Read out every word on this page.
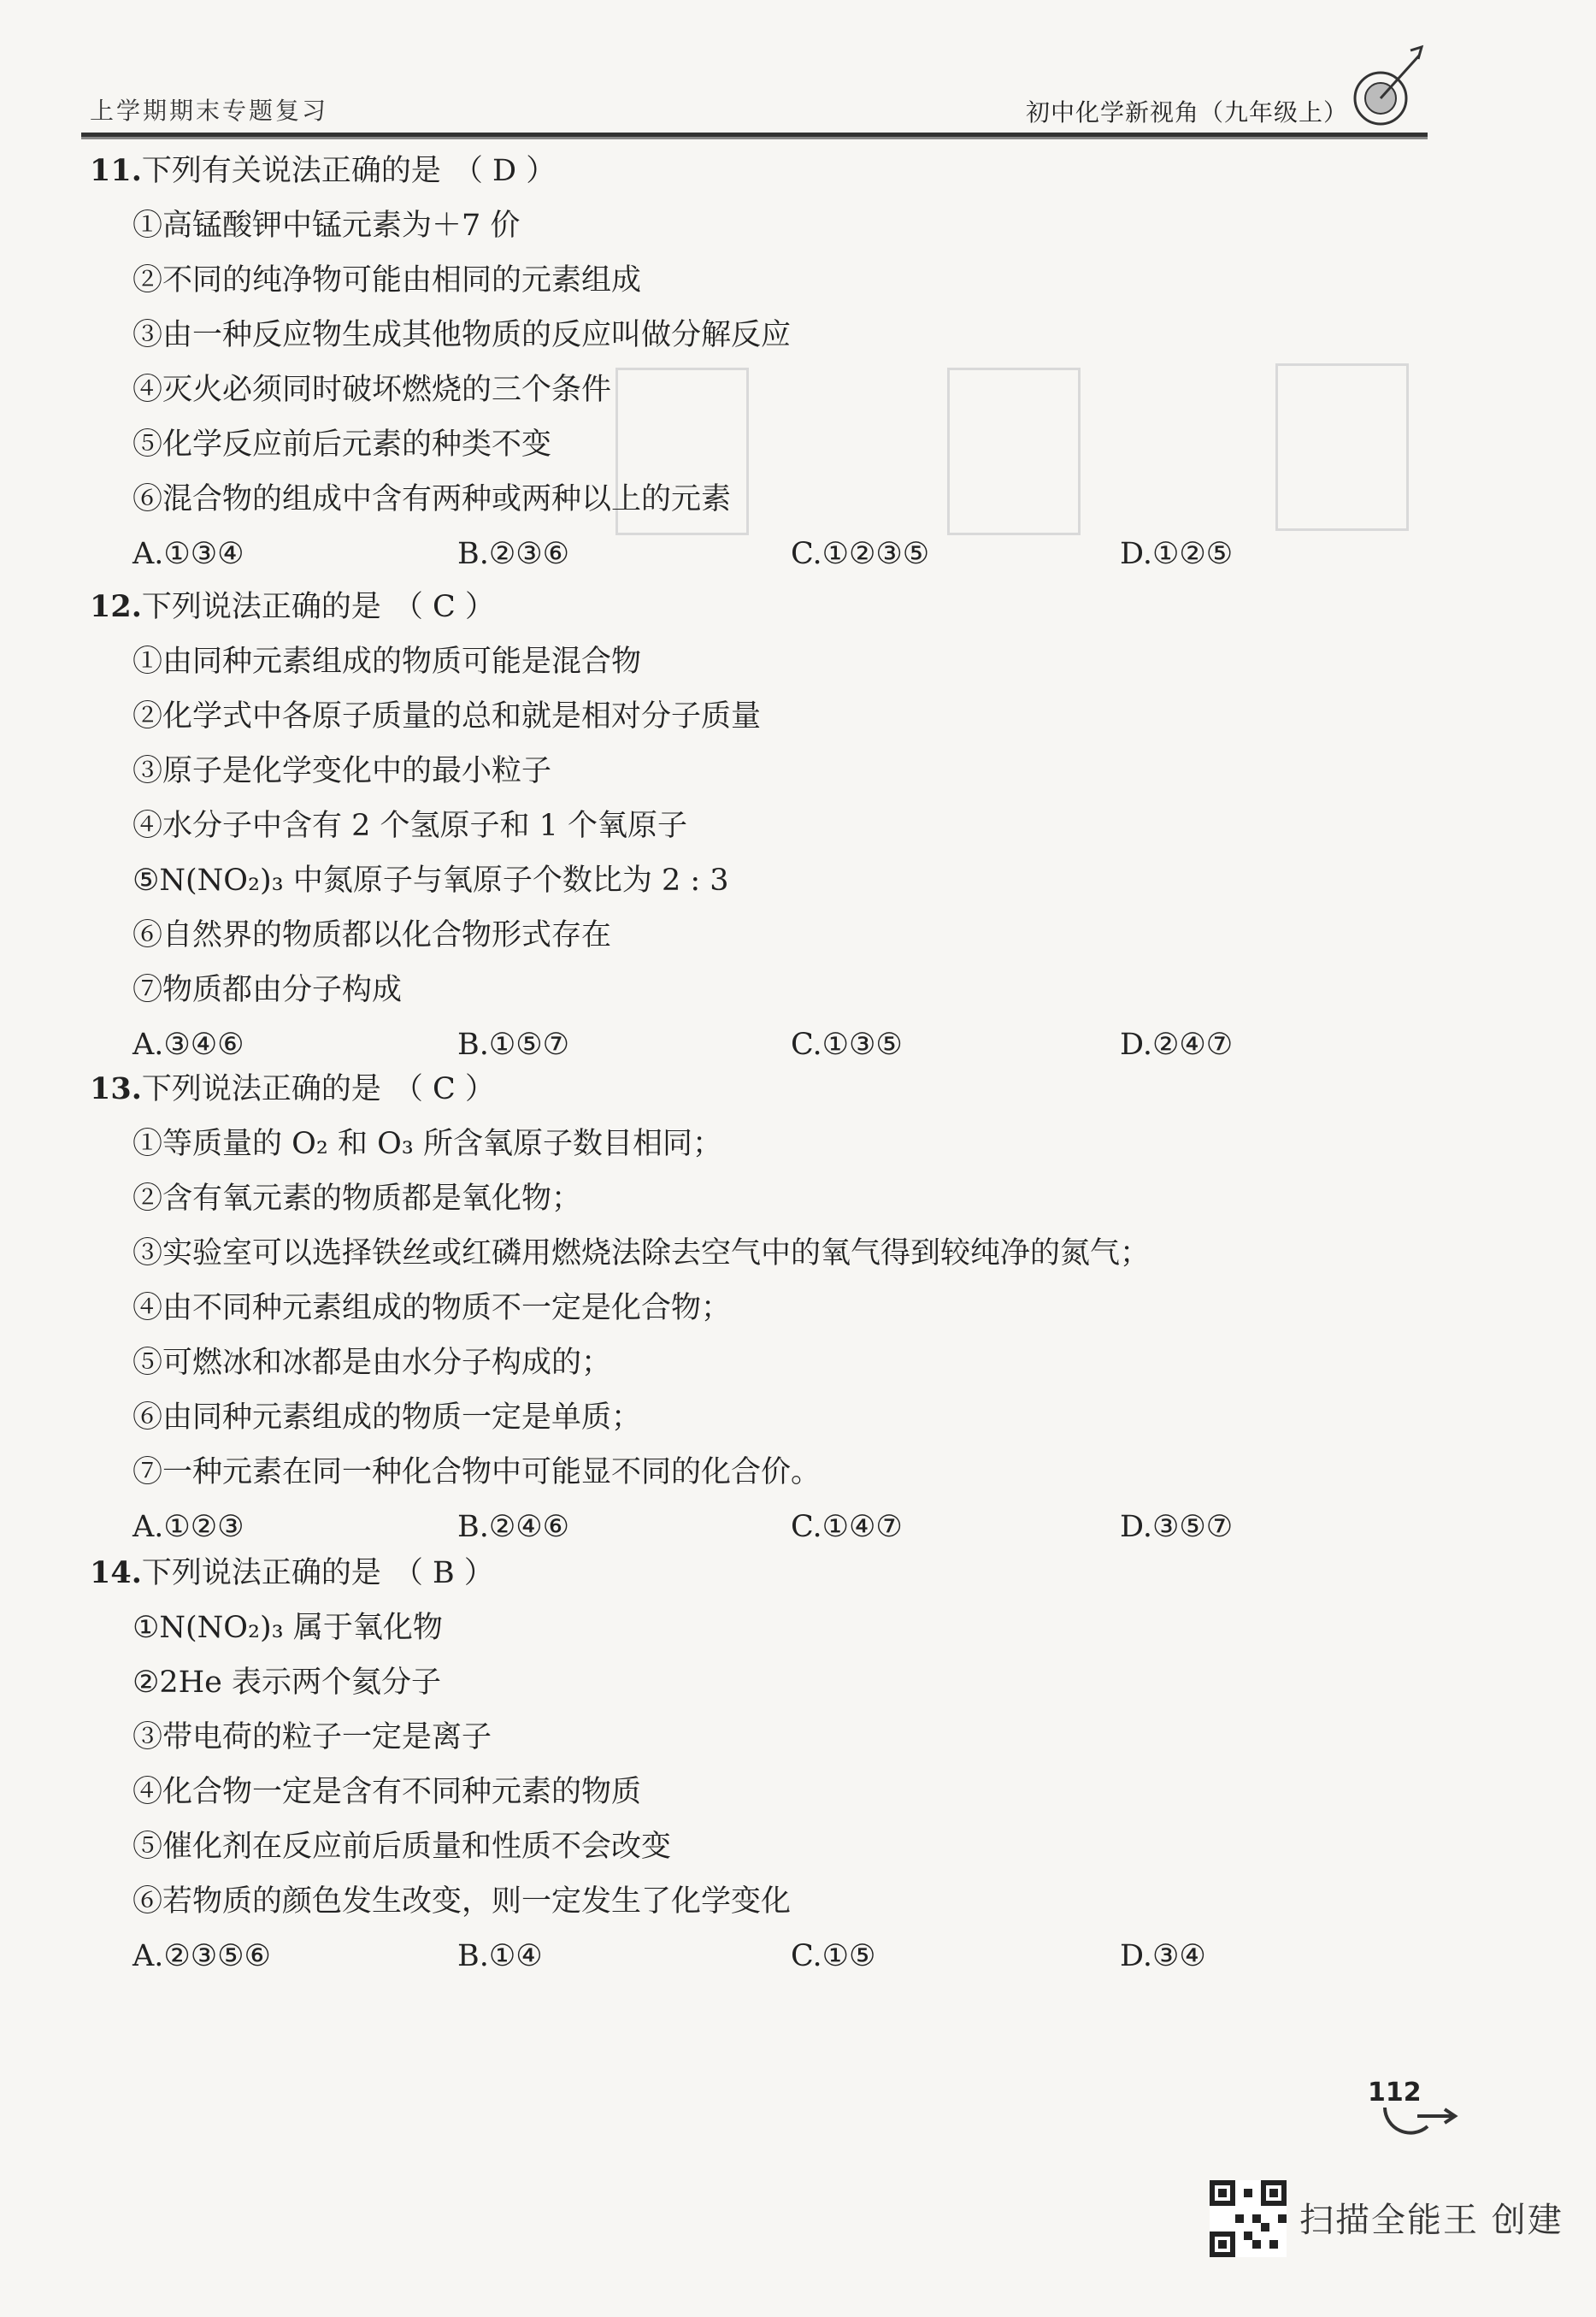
上学期期末专题复习	初中化学新视角（九年级上）
11. 下列有关说法正确的是 （ D ）
①高锰酸钾中锰元素为＋7 价
②不同的纯净物可能由相同的元素组成
③由一种反应物生成其他物质的反应叫做分解反应
④灭火必须同时破坏燃烧的三个条件
⑤化学反应前后元素的种类不变
⑥混合物的组成中含有两种或两种以上的元素
A.①③④	B.②③⑥	C.①②③⑤	D.①②⑤
12. 下列说法正确的是 （ C ）
①由同种元素组成的物质可能是混合物
②化学式中各原子质量的总和就是相对分子质量
③原子是化学变化中的最小粒子
④水分子中含有 2 个氢原子和 1 个氧原子
⑤N(NO₂)₃ 中氮原子与氧原子个数比为 2 : 3
⑥自然界的物质都以化合物形式存在
⑦物质都由分子构成
A.③④⑥	B.①⑤⑦	C.①③⑤	D.②④⑦
13. 下列说法正确的是 （ C ）
①等质量的 O₂ 和 O₃ 所含氧原子数目相同；
②含有氧元素的物质都是氧化物；
③实验室可以选择铁丝或红磷用燃烧法除去空气中的氧气得到较纯净的氮气；
④由不同种元素组成的物质不一定是化合物；
⑤可燃冰和冰都是由水分子构成的；
⑥由同种元素组成的物质一定是单质；
⑦一种元素在同一种化合物中可能显不同的化合价。
A.①②③	B.②④⑥	C.①④⑦	D.③⑤⑦
14. 下列说法正确的是 （ B ）
①N(NO₂)₃ 属于氧化物
②2He 表示两个氦分子
③带电荷的粒子一定是离子
④化合物一定是含有不同种元素的物质
⑤催化剂在反应前后质量和性质不会改变
⑥若物质的颜色发生改变，则一定发生了化学变化
A.②③⑤⑥	B.①④	C.①⑤	D.③④
112
扫描全能王 创建
